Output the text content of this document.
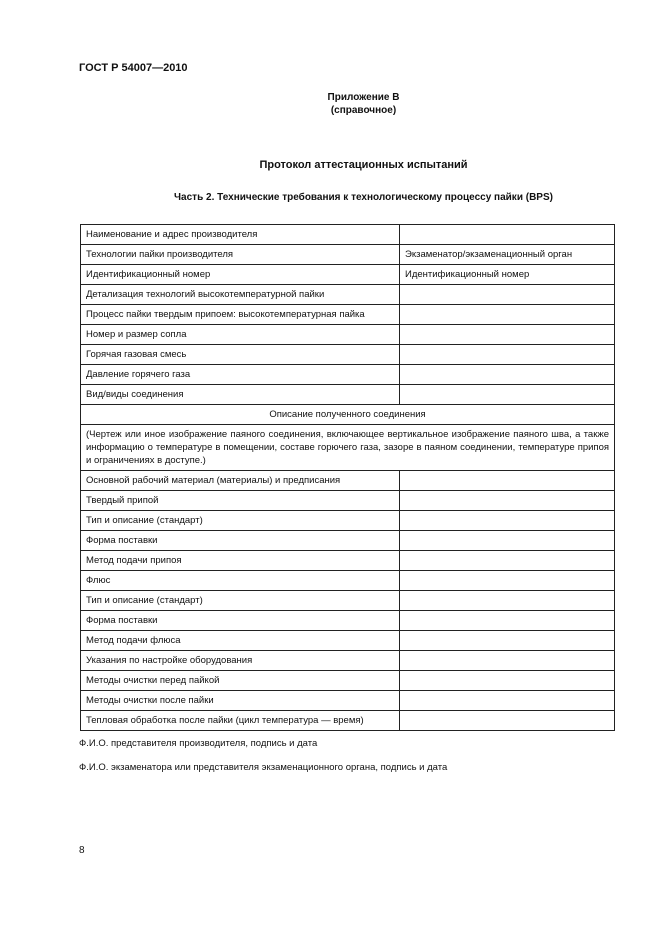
ГОСТ Р 54007—2010
Приложение В
(справочное)
Протокол аттестационных испытаний
Часть 2. Технические требования к технологическому процессу пайки (BPS)
Наименование и адрес производителя	
Технологии пайки производителя	Экзаменатор/экзаменационный орган
Идентификационный номер	Идентификационный номер
Детализация технологий высокотемпературной пайки	
Процесс пайки твердым припоем: высокотемпературная пайка	
Номер и размер сопла	
Горячая газовая смесь	
Давление горячего газа	
Вид/виды соединения	
Описание полученного соединения	
(Чертеж или иное изображение паяного соединения, включающее вертикальное изображение паяного шва, а также информацию о температуре в помещении, составе горючего газа, зазоре в паяном соединении, температуре припоя и ограничениях в доступе.)	
Основной рабочий материал (материалы) и предписания	
Твердый припой	
Тип и описание (стандарт)	
Форма поставки	
Метод подачи припоя	
Флюс	
Тип и описание (стандарт)	
Форма поставки	
Метод подачи флюса	
Указания по настройке оборудования	
Методы очистки перед пайкой	
Методы очистки после пайки	
Тепловая обработка после пайки (цикл температура — время)	
Ф.И.О. представителя производителя, подпись и дата
Ф.И.О. экзаменатора или представителя экзаменационного органа, подпись и дата
8
